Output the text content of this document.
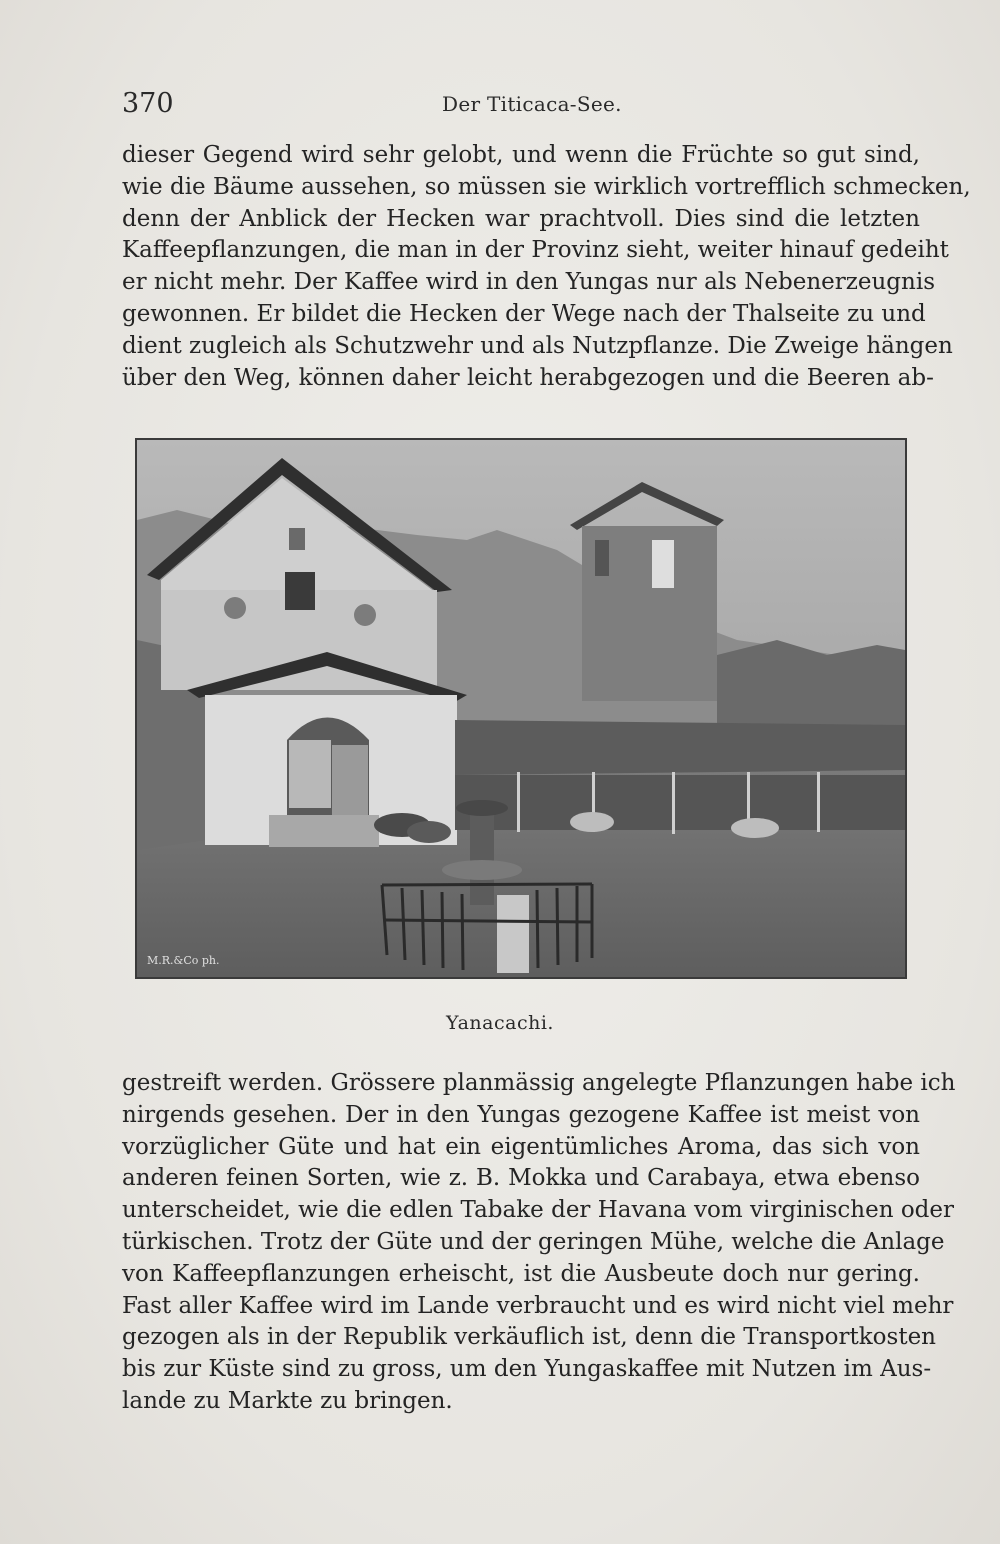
370	Der Titicaca-See.
dieser Gegend wird sehr gelobt, und wenn die Früchte so gut sind,
wie die Bäume aussehen, so müssen sie wirklich vortrefflich schmecken,
denn der Anblick der Hecken war prachtvoll. Dies sind die letzten
Kaffeepflanzungen, die man in der Provinz sieht, weiter hinauf gedeiht
er nicht mehr. Der Kaffee wird in den Yungas nur als Nebenerzeugnis
gewonnen. Er bildet die Hecken der Wege nach der Thalseite zu und
dient zugleich als Schutzwehr und als Nutzpflanze. Die Zweige hängen
über den Weg, können daher leicht herabgezogen und die Beeren ab-
M.R.&Co ph.
Yanacachi.
gestreift werden. Grössere planmässig angelegte Pflanzungen habe ich
nirgends gesehen. Der in den Yungas gezogene Kaffee ist meist von
vorzüglicher Güte und hat ein eigentümliches Aroma, das sich von
anderen feinen Sorten, wie z. B. Mokka und Carabaya, etwa ebenso
unterscheidet, wie die edlen Tabake der Havana vom virginischen oder
türkischen. Trotz der Güte und der geringen Mühe, welche die Anlage
von Kaffeepflanzungen erheischt, ist die Ausbeute doch nur gering.
Fast aller Kaffee wird im Lande verbraucht und es wird nicht viel mehr
gezogen als in der Republik verkäuflich ist, denn die Transportkosten
bis zur Küste sind zu gross, um den Yungaskaffee mit Nutzen im Aus-
lande zu Markte zu bringen.
